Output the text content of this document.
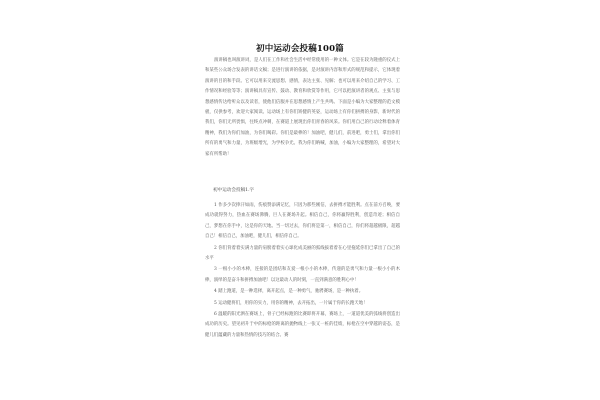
初中运动会投稿100篇

演讲稿也叫演讲词，是人们在工作和社会生活中经常使用的一种文体。它是在较为隆重的仪式上和某些公众场合发表的讲话文稿；是进行演讲的依据，是对演讲内容和形式的规范和提示，它体现着演讲的目的和手段。它可以用来交流思想、感情，表达主张、见解；也可以用来介绍自己的学习、工作情况和经验等等；演讲稿具有宣传、鼓动、教育和欣赏等作用，它可以把演讲者的观点、主张与思想感情传达给听众以及读者，使他们信服并在思想感情上产生共鸣。下面是小编为大家整理的范文模板，仅供参考，欢迎大家阅读。运动场上有你们矫健的英姿，运动场上有你们拼搏的身影，新时代的我们，你们无所畏惧，往终点冲刺，在赛道上展现出你们青春的风采。你们用自己的行动诠释着体育精神，我们为你们加油，为你们喝彩。你们是最棒的！加油吧，健儿们，前进吧，勇士们，拿出你们所有的勇气和力量，为班级增光，为学校争光。我为你们呐喊，加油，小编为大家整理的，希望对大家有所帮助！

初中运动会投稿1.字

1 作多少次摔汗如雨，伤痕赞添满记忆，只因为那些刚信，去拼搏才能胜利。点在前方召唤，要成功就得努力，热血在赛场沸腾，巨人在赛场升起。相信自己，你将赢得胜利，创造奇迹；相信自己，梦想在你手中，这是你的天地。当一切过去，你们将是第一，相信自己，你们将超越极限，超越自己！相信自己，加油吧，健儿们，相信你自己。

2 你们背着着实满力量的肩膀着着实心球化成美丽的弧线拔着着在心里拖延你们已拿出了自己的水平

3 一根小小的木棒，连接的是团结和友爱一根小小的木棒，传递的是勇气和力量一根小小的木棒，演绎的是奋斗和拼搏加油吧！以这最动人的时刻，一直到满意的胜利心中！

4 踏上跑道，是一种选择，离开起点，是一种勇气，驰骋赛场，是一种执着。

5 运动健将们，用你的实力，用你的精神，去开拓出，一片属于你的长跑天地！

6 温暖的阳光洒在赛场上，骨子已经标跑的比赛即将开幕，赛场上，一道道优美的弧线将创造出成功的历史。望见初升于中的标枪的距离的抛物线上一张又一桩的佳绩，标枪在空中穿越的姿态，是健儿们蕴藏的力量和热情的技巧的结合。赛
